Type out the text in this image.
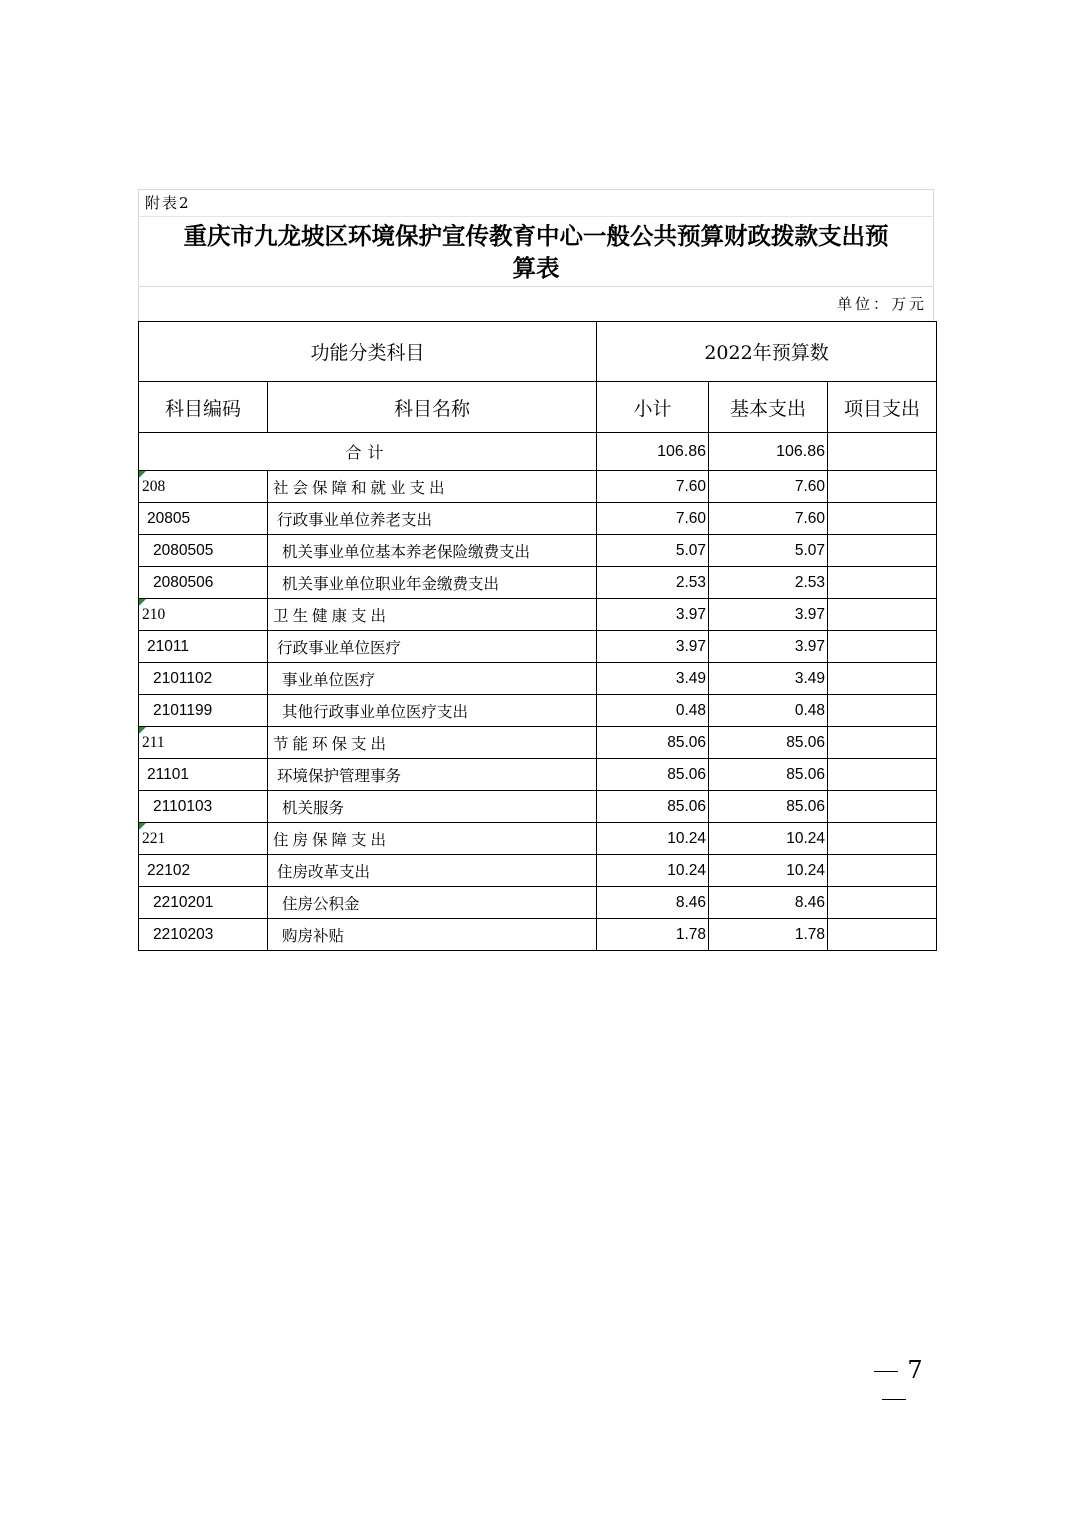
附表2
重庆市九龙坡区环境保护宣传教育中心一般公共预算财政拨款支出预
算表
单位：万元
功能分类科目		2022年预算数		
科目编码	科目名称	小计	基本支出	项目支出
合计		106.86	106.86	

208	社会保障和就业支出	7.60	7.60	
20805	行政事业单位养老支出	7.60	7.60	
2080505	机关事业单位基本养老保险缴费支出	5.07	5.07	
2080506	机关事业单位职业年金缴费支出	2.53	2.53	

210	卫生健康支出	3.97	3.97	
21011	行政事业单位医疗	3.97	3.97	
2101102	事业单位医疗	3.49	3.49	
2101199	其他行政事业单位医疗支出	0.48	0.48	

211	节能环保支出	85.06	85.06	
21101	环境保护管理事务	85.06	85.06	
2110103	机关服务	85.06	85.06	

221	住房保障支出	10.24	10.24	
22102	住房改革支出	10.24	10.24	
2210201	住房公积金	8.46	8.46	
2210203	购房补贴	1.78	1.78	
7
